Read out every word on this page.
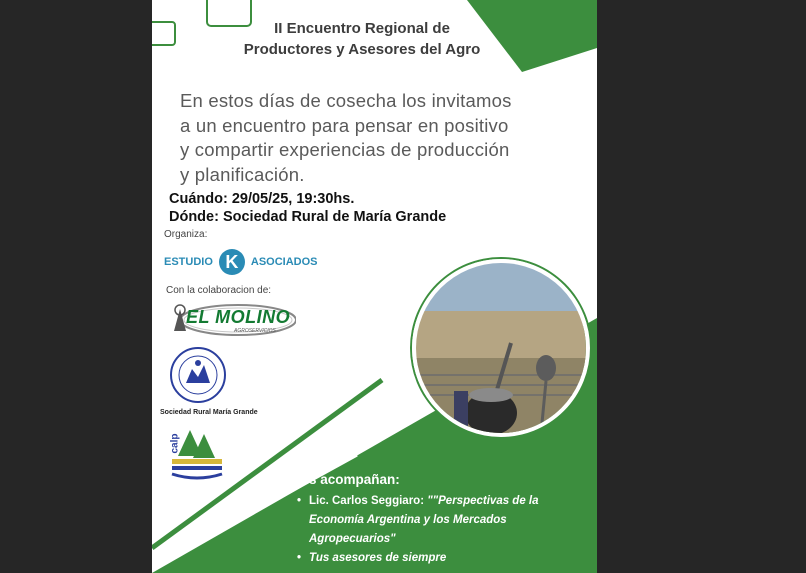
II Encuentro Regional de
Productores y Asesores del Agro
En estos días de cosecha los invitamos
a un encuentro para pensar en positivo
y compartir experiencias de producción
y planificación.
Cuándo: 29/05/25, 19:30hs.
Dónde: Sociedad Rural de María Grande
Organiza:
ESTUDIO K	ASOCIADOS
Con la colaboracion de:
EL MOLINO
AGROSERVICIOS
Sociedad Rural María Grande
calp
Nos acompañan:
• Lic. Carlos Seggiaro: ""Perspectivas de la
Economía Argentina y los Mercados
Agropecuarios"
• Tus asesores de siempre
